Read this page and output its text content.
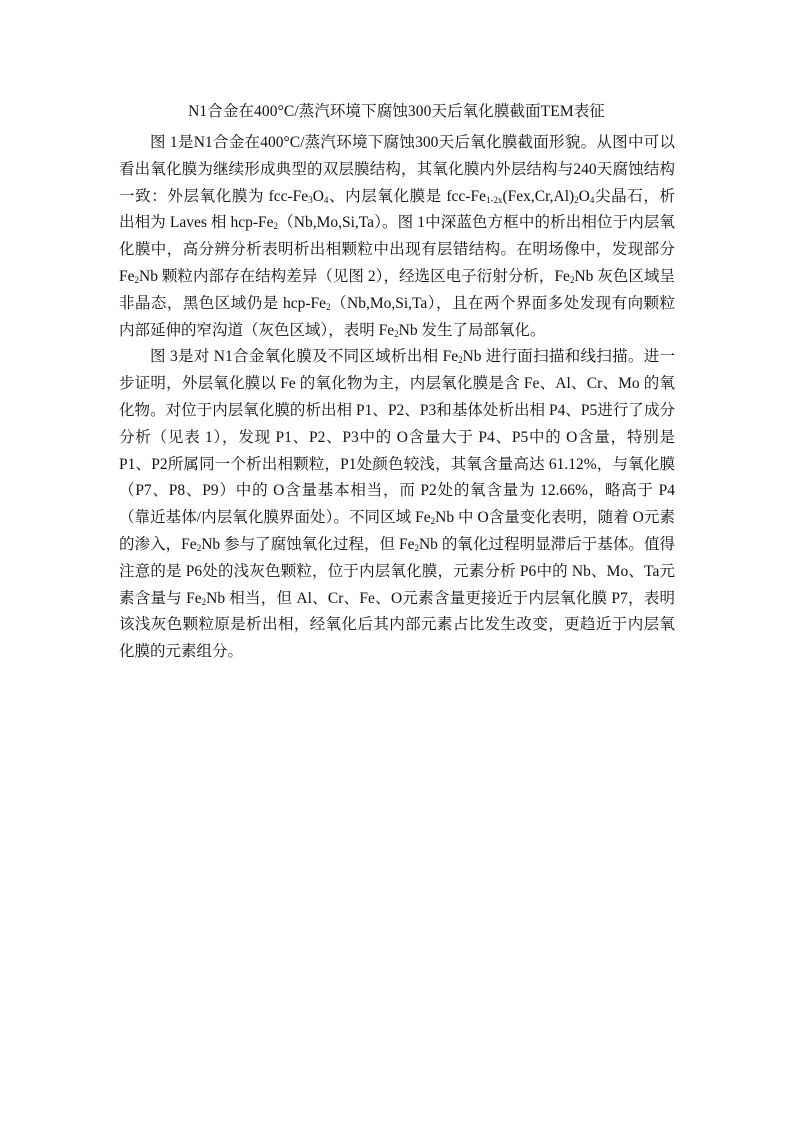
N1合金在400°C/蒸汽环境下腐蚀300天后氧化膜截面TEM表征

图 1是N1合金在400°C/蒸汽环境下腐蚀300天后氧化膜截面形貌。从图中可以看出氧化膜为继续形成典型的双层膜结构，其氧化膜内外层结构与240天腐蚀结构一致：外层氧化膜为 fcc-$Fe_3O_4$、内层氧化膜是 fcc-$Fe_{1-2x}(Fex,Cr,Al)_2O_4$尖晶石，析出相为 Laves 相 hcp-$Fe_2(Nb,Mo,Si,Ta)$。图 1中深蓝色方框中的析出相位于内层氧化膜中，高分辨分析表明析出相颗粒中出现有层错结构。在明场像中，发现部分 $Fe_2Nb$ 颗粒内部存在结构差异（见图 2），经选区电子衍射分析，$Fe_2Nb$ 灰色区域呈非晶态，黑色区域仍是 hcp-$Fe_2(Nb,Mo,Si,Ta)$，且在两个界面多处发现有向颗粒内部延伸的窄沟道（灰色区域），表明 $Fe_2Nb$ 发生了局部氧化。

图 3是对 N1合金氧化膜及不同区域析出相 $Fe_2Nb$ 进行面扫描和线扫描。进一步证明，外层氧化膜以 Fe 的氧化物为主，内层氧化膜是含 Fe、Al、Cr、Mo 的氧化物。对位于内层氧化膜的析出相 P1、P2、P3和基体处析出相 P4、P5进行了成分分析（见表 1），发现 P1、P2、P3中的 O含量大于 P4、P5中的 O含量，特别是 P1、P2所属同一个析出相颗粒，P1处颜色较浅，其氧含量高达 61.12%，与氧化膜（P7、P8、P9）中的 O含量基本相当，而 P2处的氧含量为 12.66%，略高于 P4（靠近基体/内层氧化膜界面处）。不同区域 $Fe_2Nb$ 中 O含量变化表明，随着 O元素的渗入，$Fe_2Nb$ 参与了腐蚀氧化过程，但 $Fe_2Nb$ 的氧化过程明显滞后于基体。值得注意的是 P6处的浅灰色颗粒，位于内层氧化膜，元素分析 P6中的 Nb、Mo、Ta元素含量与 $Fe_2Nb$ 相当，但 Al、Cr、Fe、O元素含量更接近于内层氧化膜 P7，表明该浅灰色颗粒原是析出相，经氧化后其内部元素占比发生改变，更趋近于内层氧化膜的元素组分。
